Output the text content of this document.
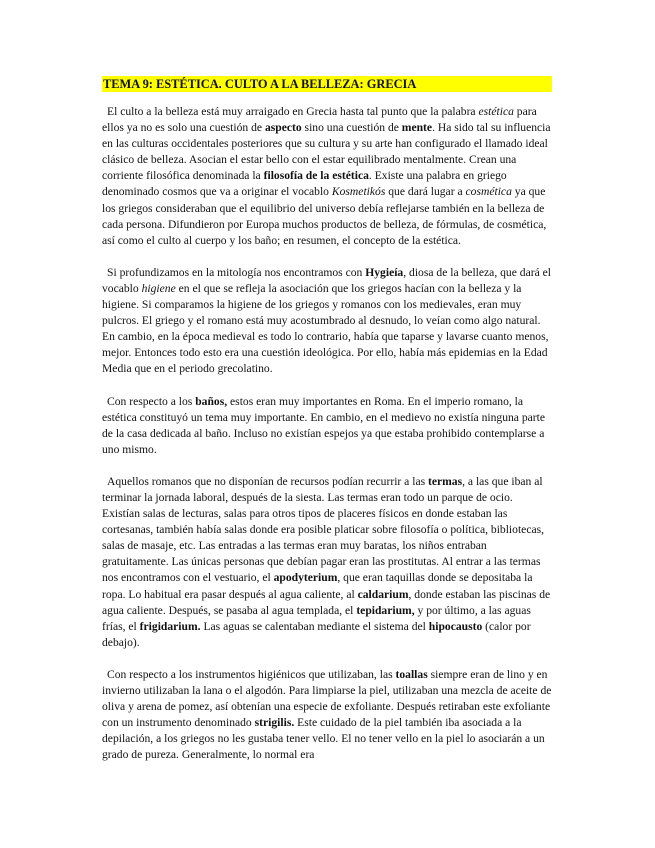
TEMA 9: ESTÉTICA. CULTO A LA BELLEZA: GRECIA

El culto a la belleza está muy arraigado en Grecia hasta tal punto que la palabra estética para ellos ya no es solo una cuestión de aspecto sino una cuestión de mente. Ha sido tal su influencia en las culturas occidentales posteriores que su cultura y su arte han configurado el llamado ideal clásico de belleza. Asocian el estar bello con el estar equilibrado mentalmente. Crean una corriente filosófica denominada la filosofía de la estética. Existe una palabra en griego denominado cosmos que va a originar el vocablo Kosmetikós que dará lugar a cosmética ya que los griegos consideraban que el equilibrio del universo debía reflejarse también en la belleza de cada persona. Difundieron por Europa muchos productos de belleza, de fórmulas, de cosmética, así como el culto al cuerpo y los baño; en resumen, el concepto de la estética.

Si profundizamos en la mitología nos encontramos con Hygieía, diosa de la belleza, que dará el vocablo higiene en el que se refleja la asociación que los griegos hacían con la belleza y la higiene. Si comparamos la higiene de los griegos y romanos con los medievales, eran muy pulcros. El griego y el romano está muy acostumbrado al desnudo, lo veían como algo natural. En cambio, en la época medieval es todo lo contrario, había que taparse y lavarse cuanto menos, mejor. Entonces todo esto era una cuestión ideológica. Por ello, había más epidemias en la Edad Media que en el periodo grecolatino.

Con respecto a los baños, estos eran muy importantes en Roma. En el imperio romano, la estética constituyó un tema muy importante. En cambio, en el medievo no existía ninguna parte de la casa dedicada al baño. Incluso no existían espejos ya que estaba prohibido contemplarse a uno mismo.

Aquellos romanos que no disponían de recursos podían recurrir a las termas, a las que iban al terminar la jornada laboral, después de la siesta. Las termas eran todo un parque de ocio. Existían salas de lecturas, salas para otros tipos de placeres físicos en donde estaban las cortesanas, también había salas donde era posible platicar sobre filosofía o política, bibliotecas, salas de masaje, etc. Las entradas a las termas eran muy baratas, los niños entraban gratuitamente. Las únicas personas que debían pagar eran las prostitutas. Al entrar a las termas nos encontramos con el vestuario, el apodyterium, que eran taquillas donde se depositaba la ropa. Lo habitual era pasar después al agua caliente, al caldarium, donde estaban las piscinas de agua caliente. Después, se pasaba al agua templada, el tepidarium, y por último, a las aguas frías, el frigidarium. Las aguas se calentaban mediante el sistema del hipocausto (calor por debajo).

Con respecto a los instrumentos higiénicos que utilizaban, las toallas siempre eran de lino y en invierno utilizaban la lana o el algodón. Para limpiarse la piel, utilizaban una mezcla de aceite de oliva y arena de pomez, así obtenían una especie de exfoliante. Después retiraban este exfoliante con un instrumento denominado strigilis. Este cuidado de la piel también iba asociada a la depilación, a los griegos no les gustaba tener vello. El no tener vello en la piel lo asociarán a un grado de pureza. Generalmente, lo normal era
